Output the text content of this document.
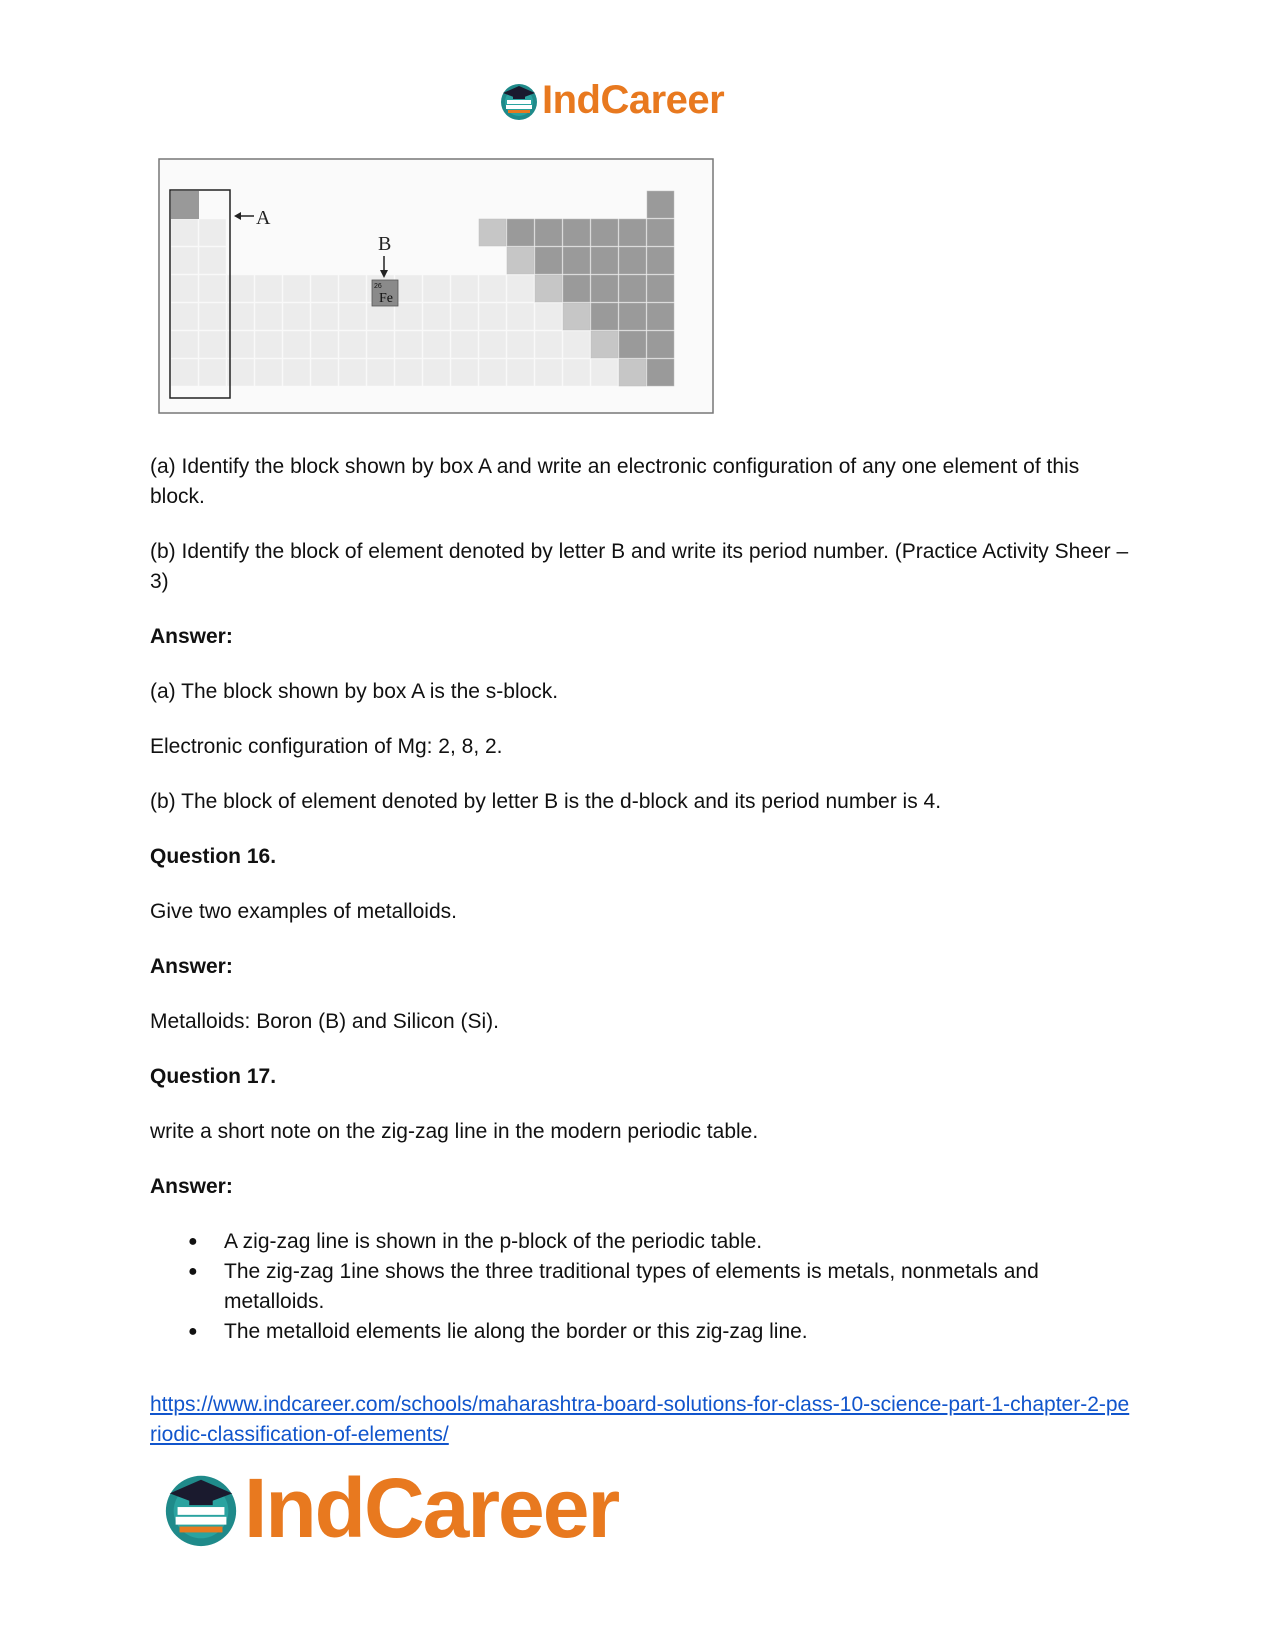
IndCareer
A
B
26
Fe

(a) Identify the block shown by box A and write an electronic configuration of any one element of this block.

(b) Identify the block of element denoted by letter B and write its period number. (Practice Activity Sheer – 3)

Answer:

(a) The block shown by box A is the s-block.

Electronic configuration of Mg: 2, 8, 2.

(b) The block of element denoted by letter B is the d-block and its period number is 4.

Question 16.

Give two examples of metalloids.

Answer:

Metalloids: Boron (B) and Silicon (Si).

Question 17.

write a short note on the zig-zag line in the modern periodic table.

Answer:

● A zig-zag line is shown in the p-block of the periodic table.
● The zig-zag 1ine shows the three traditional types of elements is metals, nonmetals and metalloids.
● The metalloid elements lie along the border or this zig-zag line.
https://www.indcareer.com/schools/maharashtra-board-solutions-for-class-10-science-part-1-chapter-2-periodic-classification-of-elements/
IndCareer
